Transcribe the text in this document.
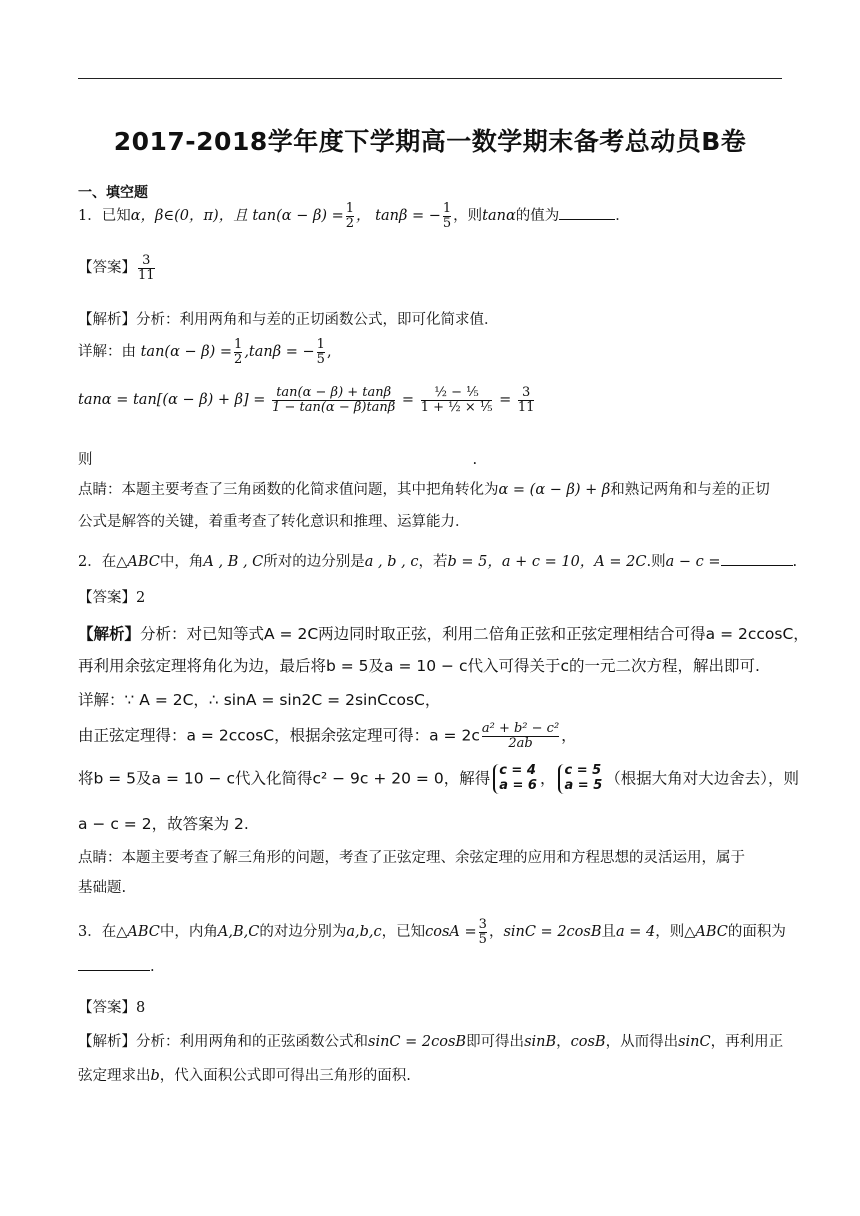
2017-2018学年度下学期高一数学期末备考总动员B卷
一、填空题
1．已知α，β∈(0，π)，且 $\tan(\alpha - \beta) = \frac{1}{2}$ ， tanβ = − $\frac{1}{5}$ ，则tanα的值为	．
【答案】 $\frac{3}{11}$
【解析】分析：利用两角和与差的正切函数公式，即可化简求值．
详解：由 $\tan(\alpha - \beta) = \frac{1}{2} ,\tan\beta$ = − $\frac{1}{5}$ ,
$\tan\alpha = \tan[(\alpha - \beta) + \beta] = \frac{\tan(\alpha - \beta) + \tan\beta}{1 - \tan(\alpha - \beta)\tan\beta} = \frac{\text{½ − ⅕}}{\text{1 + ½ × ⅕}} = \frac{3}{11}$
则	.
点睛：本题主要考查了三角函数的化简求值问题，其中把角转化为α = (α − β) + β和熟记两角和与差的正切
公式是解答的关键，着重考查了转化意识和推理、运算能力．
2．在△ABC中，角A , B , C所对的边分别是a , b , c，若b = 5，a + c = 10，A = 2C.则a − c =	.
【答案】2
【解析】分析：对已知等式A = 2C两边同时取正弦，利用二倍角正弦和正弦定理相结合可得a = 2ccosC，
再利用余弦定理将角化为边，最后将b = 5及a = 10 − c代入可得关于c的一元二次方程，解出即可.
详解：∵ A = 2C，∴ sinA = sin2C = 2sinCcosC，
由正弦定理得：a = 2ccosC，根据余弦定理可得：$a = 2c \frac{\text{a² + b² − c²}}{2ab}$ ，
将b = 5及a = 10 − c代入化简得c² − 9c + 20 = 0，解得 c = 4
a = 6 ， c = 5
a = 5 （根据大角对大边舍去），则
a − c = 2，故答案为 2.
点睛：本题主要考查了解三角形的问题，考查了正弦定理、余弦定理的应用和方程思想的灵活运用，属于
基础题.
3．在△ABC中，内角A,B,C的对边分别为a,b,c，已知$\cos A = \frac{3}{5}$ ，sinC = 2cosB且a = 4，则△ABC的面积为
.
【答案】8
【解析】分析：利用两角和的正弦函数公式和sinC = 2cosB即可得出sinB，cosB，从而得出sinC，再利用正
弦定理求出b，代入面积公式即可得出三角形的面积.
